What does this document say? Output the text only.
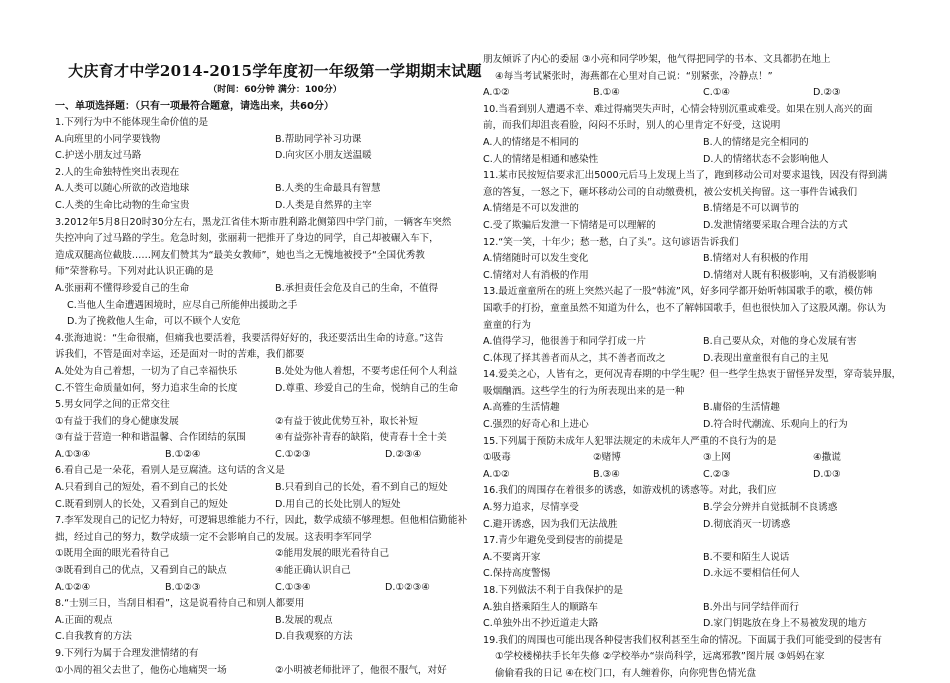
大庆育才中学2014-2015学年度初一年级第一学期期末试题
（时间：60分钟 满分：100分）
一、单项选择题：（只有一项最符合题意，请选出来，共60分）
1.下列行为中不能体现生命价值的是
A.向班里的小同学要钱物	B.帮助同学补习功课
C.护送小朋友过马路	D.向灾区小朋友送温暖
2.人的生命独特性突出表现在
A.人类可以随心所欲的改造地球	B.人类的生命最具有智慧
C.人类的生命比动物的生命宝贵	D.人类是自然界的主宰
3.2012年5月8日20时30分左右，黑龙江省佳木斯市胜利路北侧第四中学门前，一辆客车突然
失控冲向了过马路的学生。危急时刻，张丽莉一把推开了身边的同学，自己却被碾入车下，
造成双腿高位截肢……网友们赞其为“最美女教师”，她也当之无愧地被授予“全国优秀教
师”荣誉称号。下列对此认识正确的是
A.张丽莉不懂得珍爱自己的生命	B.承担责任会危及自己的生命，不值得
C.当他人生命遭遇困境时，应尽自己所能伸出援助之手
D.为了挽救他人生命，可以不顾个人安危
4.张海迪说：“生命很痛，但痛我也要活着，我要活得好好的，我还要活出生命的诗意。”这告
诉我们，不管是面对幸运，还是面对一时的苦难，我们都要
A.处处为自己着想，一切为了自己幸福快乐	B.处处为他人着想，不要考虑任何个人利益
C.不管生命质量如何，努力追求生命的长度	D.尊重、珍爱自己的生命，悦纳自己的生命
5.男女同学之间的正常交往
①有益于我们的身心健康发展	②有益于彼此优势互补，取长补短
③有益于营造一种和谐温馨、合作团结的氛围	④有益弥补青春的缺陷，使青春十全十美
A.①③④	B.①②④	C.①②③	D.②③④
6.看自己是一朵花，看别人是豆腐渣。这句话的含义是
A.只看到自己的短处，看不到自己的长处	B.只看到自己的长处，看不到自己的短处
C.既看到别人的长处，又看到自己的短处	D.用自己的长处比别人的短处
7.李军发现自己的记忆力特好，可逻辑思维能力不行，因此，数学成绩不够理想。但他相信勤能补
拙，经过自己的努力，数学成绩一定不会影响自己的发展。这表明李军同学
①既用全面的眼光看待自己	②能用发展的眼光看待自己
③既看到自己的优点，又看到自己的缺点	④能正确认识自己
A.①②④	B.①②③	C.①③④	D.①②③④
8.“士别三日，当刮目相看”，这是说看待自己和别人都要用
A.正面的观点	B.发展的观点
C.自我教育的方法	D.自我观察的方法
9.下列行为属于合理发泄情绪的有
①小周的祖父去世了，他伤心地痛哭一场	②小明被老师批评了，他很不服气，对好
朋友倾诉了内心的委屈 ③小亮和同学吵架，他气得把同学的书本、文具都扔在地上
④每当考试紧张时，海燕都在心里对自己说：“别紧张，冷静点！”
A.①②	B.①④	C.①④	D.②③
10.当看到别人遭遇不幸、难过得痛哭失声时，心情会特别沉重或难受。如果在别人高兴的面
前，而我们却沮丧看脸，闷闷不乐时，别人的心里肯定不好受，这说明
A.人的情绪是不相同的	B.人的情绪是完全相同的
C.人的情绪是相通和感染性	D.人的情绪状态不会影响他人
11.某市民按短信要求汇出5000元后马上发现上当了，跑到移动公司对要求退钱，因没有得到满
意的答复，一怒之下，砸坏移动公司的自动缴费机，被公安机关拘留。这一事件告诫我们
A.情绪是不可以发泄的	B.情绪是不可以调节的
C.受了欺骗后发泄一下情绪是可以理解的	D.发泄情绪要采取合理合法的方式
12.“笑一笑，十年少；愁一愁，白了头”。这句谚语告诉我们
A.情绪随时可以发生变化	B.情绪对人有积极的作用
C.情绪对人有消极的作用	D.情绪对人既有积极影响，又有消极影响
13.最近童童所在的班上突然兴起了一股“韩流”风，好多同学都开始听韩国歌手的歌，模仿韩
国歌手的打扮，童童虽然不知道为什么，也不了解韩国歌手，但也很快加入了这股风潮。你认为
童童的行为
A.值得学习，他很善于和同学打成一片	B.自己要从众，对他的身心发展有害
C.体现了择其善者而从之，其不善者而改之	D.表现出童童很有自己的主见
14.爱美之心，人皆有之，更何况青春期的中学生呢？但一些学生热衷于留怪异发型，穿奇装异服，
吸烟酗酒。这些学生的行为所表现出来的是一种
A.高雅的生活情趣	B.庸俗的生活情趣
C.强烈的好奇心和上进心	D.符合时代潮流、乐观向上的行为
15.下列属于预防未成年人犯罪法规定的未成年人严重的不良行为的是
①吸毒	②赌博	③上网	④撒谎
A.①②	B.③④	C.②③	D.①③
16.我们的周围存在着很多的诱惑，如游戏机的诱惑等。对此，我们应
A.努力追求，尽情享受	B.学会分辨并自觉抵制不良诱惑
C.避开诱惑，因为我们无法战胜	D.彻底消灭一切诱惑
17.青少年避免受到侵害的前提是
A.不要离开家	B.不要和陌生人说话
C.保持高度警惕	D.永远不要相信任何人
18.下列做法不利于自我保护的是
A.独自搭乘陌生人的顺路车	B.外出与同学结伴而行
C.单独外出不抄近道走大路	D.家门钥匙放在身上不易被发现的地方
19.我们的周围也可能出现各种侵害我们权利甚至生命的情况。下面属于我们可能受到的侵害有
①学校楼梯扶手长年失修 ②学校举办“崇尚科学，远离邪教”图片展 ③妈妈在家
偷偷看我的日记 ④在校门口，有人缠着你，向你兜售色情光盘
